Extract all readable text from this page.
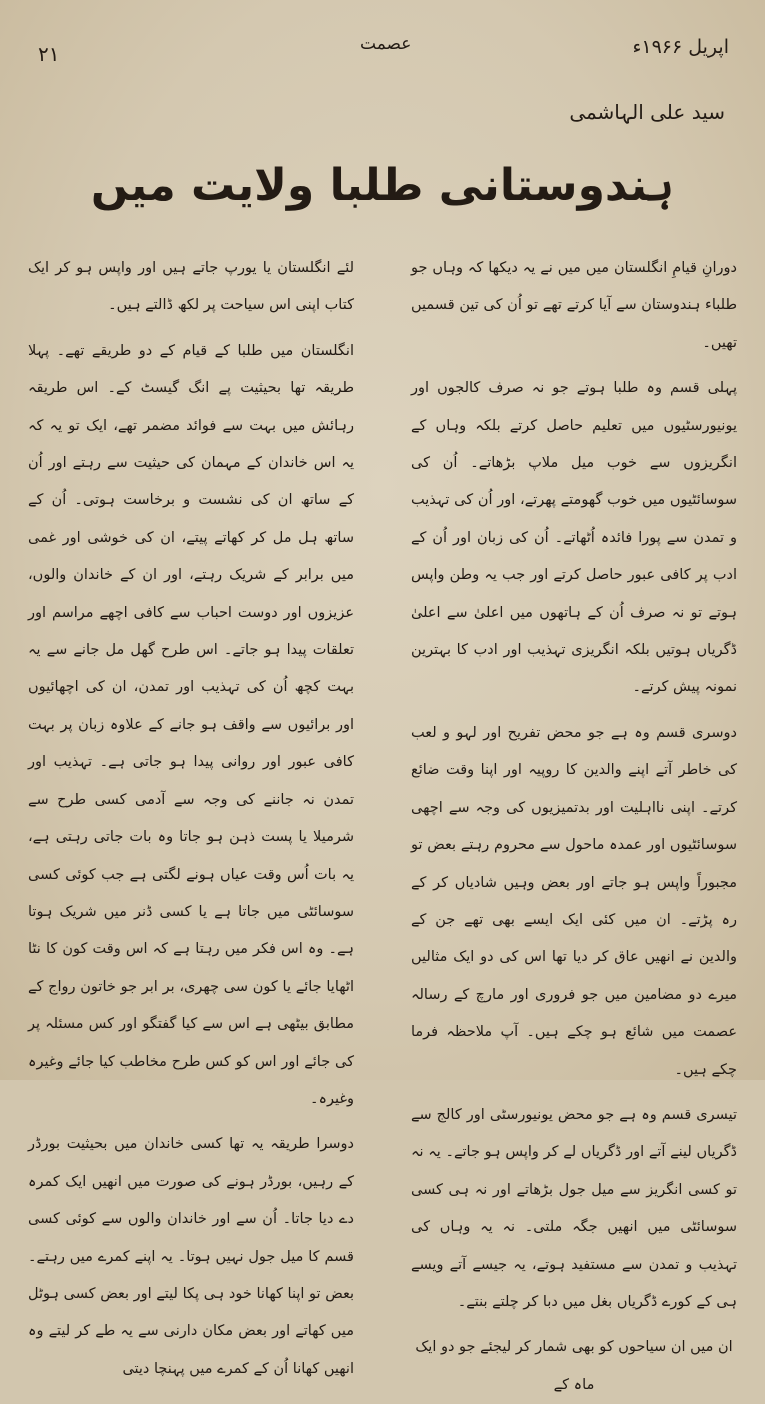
۲۱	عصمت	اپریل ۱۹۶۶ء
سید علی الہاشمی
ہندوستانی طلبا ولایت میں

دورانِ قیامِ انگلستان میں میں نے یہ دیکھا کہ وہاں جو طلباء ہندوستان سے آیا کرتے تھے تو اُن کی تین قسمیں تھیں۔

پہلی قسم وہ طلبا ہوتے جو نہ صرف کالجوں اور یونیورسٹیوں میں تعلیم حاصل کرتے بلکہ وہاں کے انگریزوں سے خوب میل ملاپ بڑھاتے۔ اُن کی سوسائٹیوں میں خوب گھومتے پھرتے، اور اُن کی تہذیب و تمدن سے پورا فائدہ اُٹھاتے۔ اُن کی زبان اور اُن کے ادب پر کافی عبور حاصل کرتے اور جب یہ وطن واپس ہوتے تو نہ صرف اُن کے ہاتھوں میں اعلیٰ سے اعلیٰ ڈگریاں ہوتیں بلکہ انگریزی تہذیب اور ادب کا بہترین نمونہ پیش کرتے۔

دوسری قسم وہ ہے جو محض تفریح اور لہو و لعب کی خاطر آتے اپنے والدین کا روپیہ اور اپنا وقت ضائع کرتے۔ اپنی نااہلیت اور بدتمیزیوں کی وجہ سے اچھی سوسائٹیوں اور عمدہ ماحول سے محروم رہتے بعض تو مجبوراً واپس ہو جاتے اور بعض وہیں شادیاں کر کے رہ پڑتے۔ ان میں کئی ایک ایسے بھی تھے جن کے والدین نے انھیں عاق کر دیا تھا اس کی دو ایک مثالیں میرے دو مضامین میں جو فروری اور مارچ کے رسالہ عصمت میں شائع ہو چکے ہیں۔ آپ ملاحظہ فرما چکے ہیں۔

تیسری قسم وہ ہے جو محض یونیورسٹی اور کالج سے ڈگریاں لینے آتے اور ڈگریاں لے کر واپس ہو جاتے۔ یہ نہ تو کسی انگریز سے میل جول بڑھاتے اور نہ ہی کسی سوسائٹی میں انھیں جگہ ملتی۔ نہ یہ وہاں کی تہذیب و تمدن سے مستفید ہوتے، یہ جیسے آتے ویسے ہی کے کورے ڈگریاں بغل میں دبا کر چلتے بنتے۔

ان میں ان سیاحوں کو بھی شمار کر لیجئے جو دو ایک ماہ کے

لئے انگلستان یا یورپ جاتے ہیں اور واپس ہو کر ایک کتاب اپنی اس سیاحت پر لکھ ڈالتے ہیں۔

انگلستان میں طلبا کے قیام کے دو طریقے تھے۔ پہلا طریقہ تھا بحیثیت پے انگ گیسٹ کے۔ اس طریقہ رہائش میں بہت سے فوائد مضمر تھے، ایک تو یہ کہ یہ اس خاندان کے مہمان کی حیثیت سے رہتے اور اُن کے ساتھ ان کی نشست و برخاست ہوتی۔ اُن کے ساتھ ہل مل کر کھاتے پیتے، ان کی خوشی اور غمی میں برابر کے شریک رہتے، اور ان کے خاندان والوں، عزیزوں اور دوست احباب سے کافی اچھے مراسم اور تعلقات پیدا ہو جاتے۔ اس طرح گھل مل جانے سے یہ بہت کچھ اُن کی تہذیب اور تمدن، ان کی اچھائیوں اور برائیوں سے واقف ہو جانے کے علاوہ زبان پر بہت کافی عبور اور روانی پیدا ہو جاتی ہے۔ تہذیب اور تمدن نہ جاننے کی وجہ سے آدمی کسی طرح سے شرمیلا یا پست ذہن ہو جاتا وہ بات جاتی رہتی ہے، یہ بات اُس وقت عیاں ہونے لگتی ہے جب کوئی کسی سوسائٹی میں جاتا ہے یا کسی ڈنر میں شریک ہوتا ہے۔ وہ اس فکر میں رہتا ہے کہ اس وقت کون کا نٹا اٹھایا جائے یا کون سی چھری، بر ابر جو خاتون رواج کے مطابق بیٹھی ہے اس سے کیا گفتگو اور کس مسئلہ پر کی جائے اور اس کو کس طرح مخاطب کیا جائے وغیرہ وغیرہ۔

دوسرا طریقہ یہ تھا کسی خاندان میں بحیثیت بورڈر کے رہیں، بورڈر ہونے کی صورت میں انھیں ایک کمرہ دے دیا جاتا۔ اُن سے اور خاندان والوں سے کوئی کسی قسم کا میل جول نہیں ہوتا۔ یہ اپنے کمرے میں رہتے۔ بعض تو اپنا کھانا خود ہی پکا لیتے اور بعض کسی ہوٹل میں کھاتے اور بعض مکان دارنی سے یہ طے کر لیتے وہ انھیں کھانا اُن کے کمرے میں پہنچا دیتی
